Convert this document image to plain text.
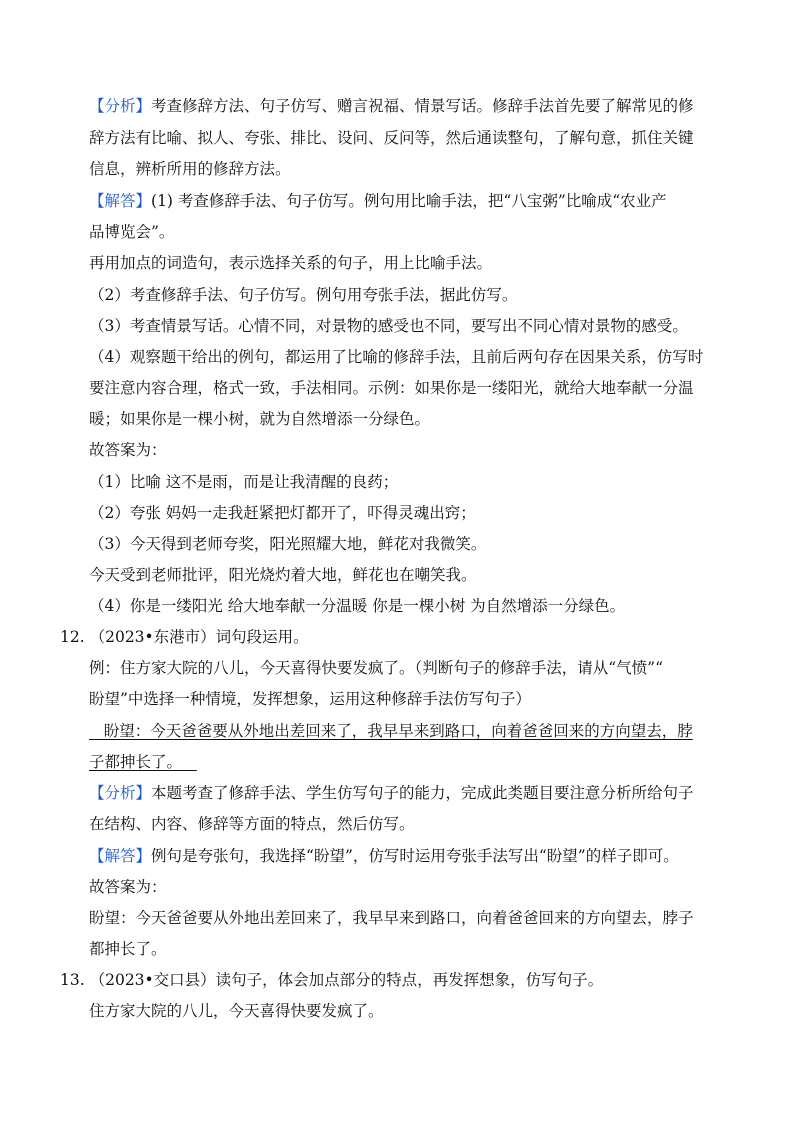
【分析】考查修辞方法、句子仿写、赠言祝福、情景写话。修辞手法首先要了解常见的修
辞方法有比喻、拟人、夸张、排比、设问、反问等，然后通读整句，了解句意，抓住关键
信息，辨析所用的修辞方法。
【解答】(1) 考查修辞手法、句子仿写。例句用比喻手法，把“八宝粥”比喻成“农业产
品博览会”。
再用加点的词造句，表示选择关系的句子，用上比喻手法。
（2）考查修辞手法、句子仿写。例句用夸张手法，据此仿写。
（3）考查情景写话。心情不同，对景物的感受也不同，要写出不同心情对景物的感受。
（4）观察题干给出的例句，都运用了比喻的修辞手法，且前后两句存在因果关系，仿写时
要注意内容合理，格式一致，手法相同。示例：如果你是一缕阳光，就给大地奉献一分温
暖；如果你是一棵小树，就为自然增添一分绿色。
故答案为：
（1）比喻 这不是雨，而是让我清醒的良药；
（2）夸张 妈妈一走我赶紧把灯都开了，吓得灵魂出窍；
（3）今天得到老师夸奖，阳光照耀大地，鲜花对我微笑。
今天受到老师批评，阳光烧灼着大地，鲜花也在嘲笑我。
（4）你是一缕阳光 给大地奉献一分温暖 你是一棵小树 为自然增添一分绿色。
12. （2023•东港市）词句段运用。
例：住方家大院的八儿，今天喜得快要发疯了。（判断句子的修辞手法，请从“气愤”“
盼望”中选择一种情境，发挥想象，运用这种修辞手法仿写句子）
盼望：今天爸爸要从外地出差回来了，我早早来到路口，向着爸爸回来的方向望去，脖
子都抻长了。
【分析】本题考查了修辞手法、学生仿写句子的能力，完成此类题目要注意分析所给句子
在结构、内容、修辞等方面的特点，然后仿写。
【解答】例句是夸张句，我选择“盼望”，仿写时运用夸张手法写出“盼望”的样子即可。
故答案为：
盼望：今天爸爸要从外地出差回来了，我早早来到路口，向着爸爸回来的方向望去，脖子
都抻长了。
13. （2023•交口县）读句子，体会加点部分的特点，再发挥想象，仿写句子。
住方家大院的八儿，今天喜得快要发疯了。
